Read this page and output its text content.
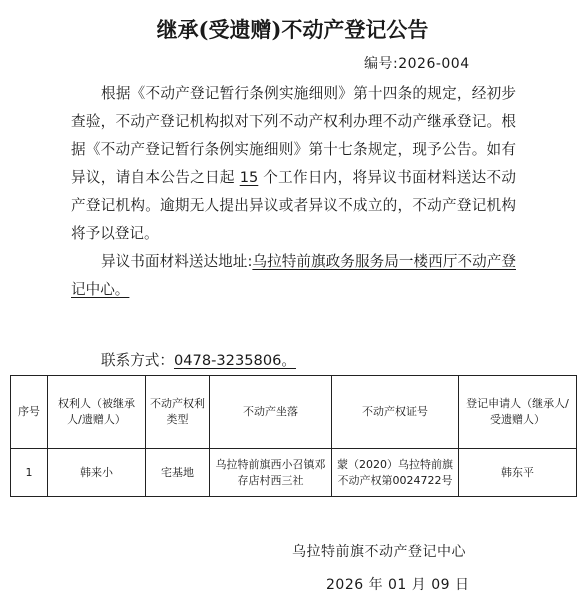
继承(受遗赠)不动产登记公告
编号:2026-004

根据《不动产登记暂行条例实施细则》第十四条的规定，经初步查验，不动产登记机构拟对下列不动产权利办理不动产继承登记。根据《不动产登记暂行条例实施细则》第十七条规定，现予公告。如有异议，请自本公告之日起 15 个工作日内，将异议书面材料送达不动产登记机构。逾期无人提出异议或者异议不成立的，不动产登记机构将予以登记。

异议书面材料送达地址:乌拉特前旗政务服务局一楼西厅不动产登记中心。

联系方式：0478-3235806。
序号	权利人（被继承人/遗赠人）	不动产权利类型	不动产坐落	不动产权证号	登记申请人（继承人/受遗赠人）
1	韩来小	宅基地	乌拉特前旗西小召镇邓存店村西三社	蒙（2020）乌拉特前旗不动产权第0024722号	韩东平
乌拉特前旗不动产登记中心
2026 年 01 月 09 日
